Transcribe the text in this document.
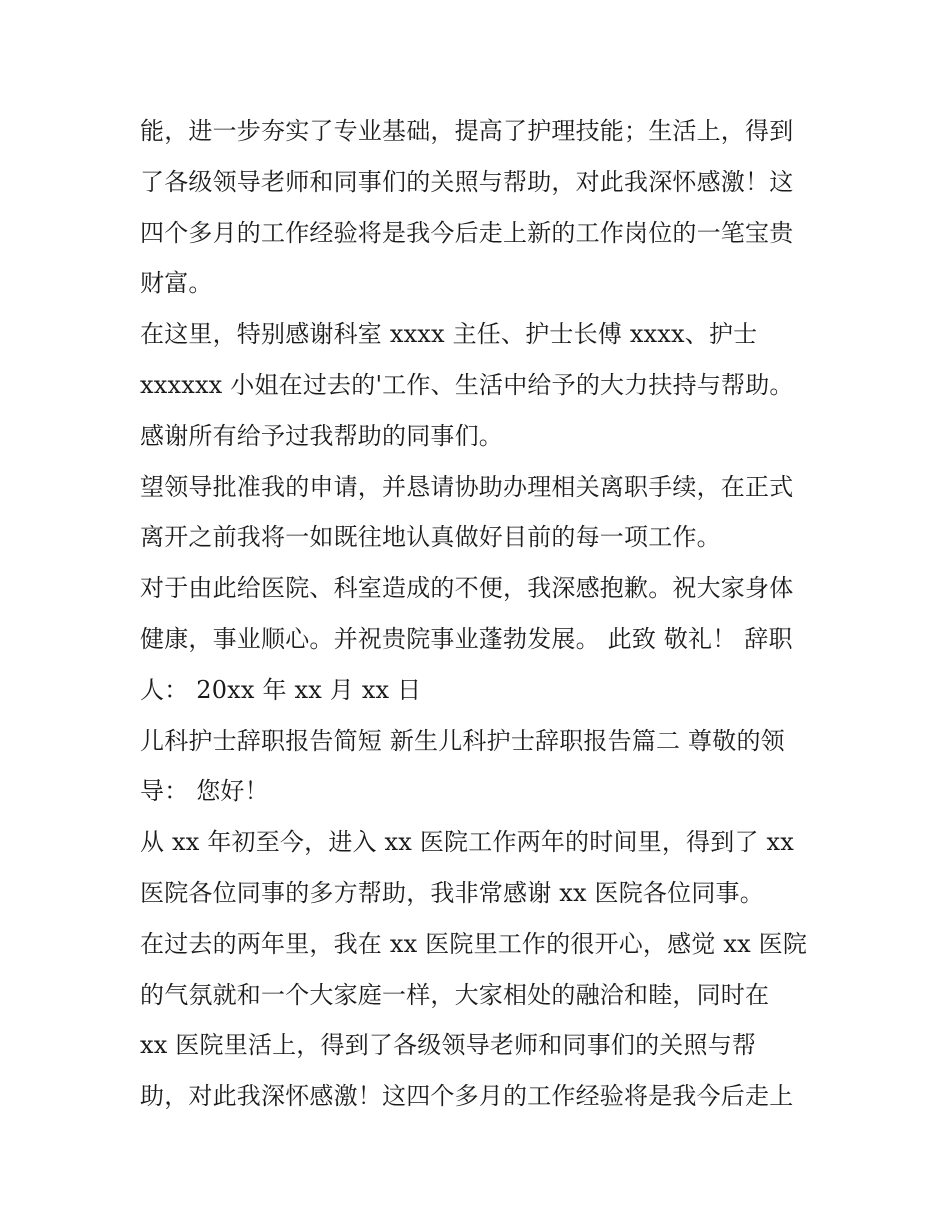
能，进一步夯实了专业基础，提高了护理技能；生活上，得到
了各级领导老师和同事们的关照与帮助，对此我深怀感激！这
四个多月的工作经验将是我今后走上新的工作岗位的一笔宝贵
财富。
在这里，特别感谢科室 xxxx 主任、护士长傅 xxxx、护士
xxxxxx 小姐在过去的'工作、生活中给予的大力扶持与帮助。
感谢所有给予过我帮助的同事们。
望领导批准我的申请，并恳请协助办理相关离职手续，在正式
离开之前我将一如既往地认真做好目前的每一项工作。
对于由此给医院、科室造成的不便，我深感抱歉。祝大家身体
健康，事业顺心。并祝贵院事业蓬勃发展。 此致 敬礼！ 辞职
人： 20xx 年 xx 月 xx 日
儿科护士辞职报告简短 新生儿科护士辞职报告篇二 尊敬的领
导： 您好！
从 xx 年初至今，进入 xx 医院工作两年的时间里，得到了 xx
医院各位同事的多方帮助，我非常感谢 xx 医院各位同事。
在过去的两年里，我在 xx 医院里工作的很开心，感觉 xx 医院
的气氛就和一个大家庭一样，大家相处的融洽和睦，同时在
xx 医院里活上，得到了各级领导老师和同事们的关照与帮
助，对此我深怀感激！这四个多月的工作经验将是我今后走上
